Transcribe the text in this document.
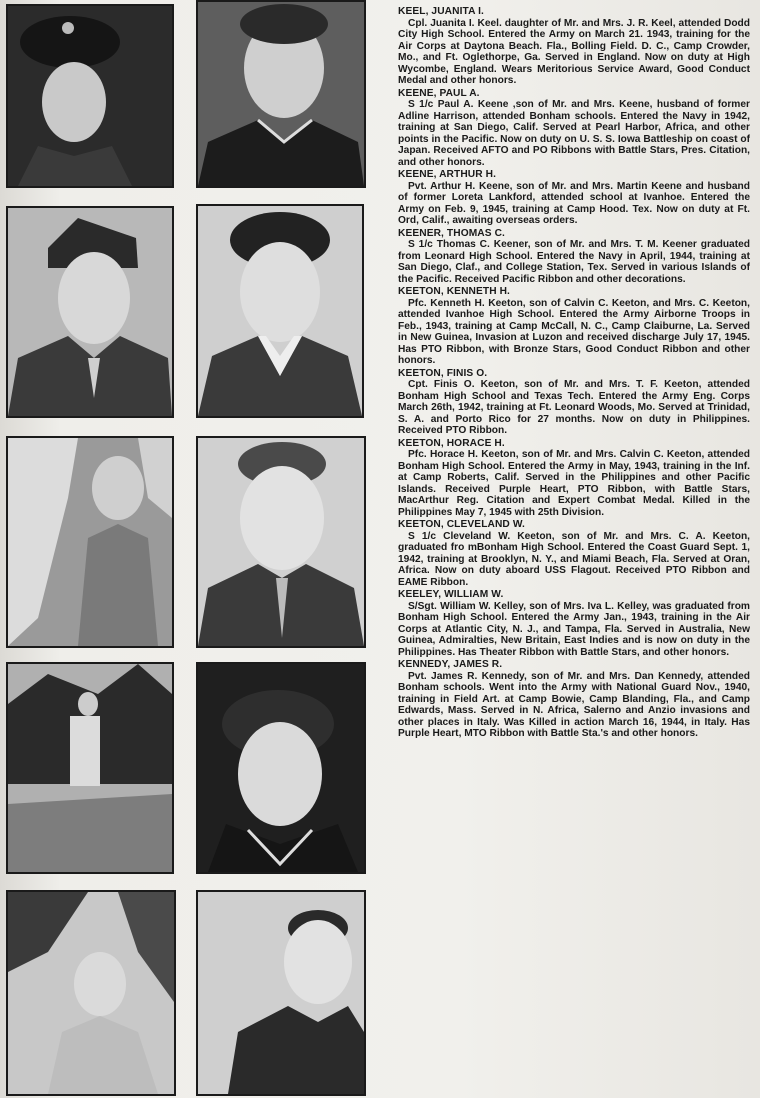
KEEL, JUANITA I.

Cpl. Juanita I. Keel. daughter of Mr. and Mrs. J. R. Keel, attended Dodd City High School. Entered the Army on March 21. 1943, training for the Air Corps at Daytona Beach. Fla., Bolling Field. D. C., Camp Crowder, Mo., and Ft. Oglethorpe, Ga. Served in England. Now on duty at High Wycombe, England. Wears Meritorious Service Award, Good Conduct Medal and other honors.

KEENE, PAUL A.

S 1/c Paul A. Keene ,son of Mr. and Mrs. Keene, husband of former Adline Harrison, attended Bonham schools. Entered the Navy in 1942, training at San Diego, Calif. Served at Pearl Harbor, Africa, and other points in the Pacific. Now on duty on U. S. S. Iowa Battleship on coast of Japan. Received AFTO and PO Ribbons with Battle Stars, Pres. Citation, and other honors.

KEENE, ARTHUR H.

Pvt. Arthur H. Keene, son of Mr. and Mrs. Martin Keene and husband of former Loreta Lankford, attended school at Ivanhoe. Entered the Army on Feb. 9, 1945, training at Camp Hood. Tex. Now on duty at Ft. Ord, Calif., awaiting overseas orders.

KEENER, THOMAS C.

S 1/c Thomas C. Keener, son of Mr. and Mrs. T. M. Keener graduated from Leonard High School. Entered the Navy in April, 1944, training at San Diego, Claf., and College Station, Tex. Served in various Islands of the Pacific. Received Pacific Ribbon and other decorations.

KEETON, KENNETH H.

Pfc. Kenneth H. Keeton, son of Calvin C. Keeton, and Mrs. C. Keeton, attended Ivanhoe High School. Entered the Army Airborne Troops in Feb., 1943, training at Camp McCall, N. C., Camp Claiburne, La. Served in New Guinea, Invasion at Luzon and received discharge July 17, 1945. Has PTO Ribbon, with Bronze Stars, Good Conduct Ribbon and other honors.

KEETON, FINIS O.

Cpt. Finis O. Keeton, son of Mr. and Mrs. T. F. Keeton, attended Bonham High School and Texas Tech. Entered the Army Eng. Corps March 26th, 1942, training at Ft. Leonard Woods, Mo. Served at Trinidad, S. A. and Porto Rico for 27 months. Now on duty in Philippines. Received PTO Ribbon.

KEETON, HORACE H.

Pfc. Horace H. Keeton, son of Mr. and Mrs. Calvin C. Keeton, attended Bonham High School. Entered the Army in May, 1943, training in the Inf. at Camp Roberts, Calif. Served in the Philippines and other Pacific Islands. Received Purple Heart, PTO Ribbon, with Battle Stars, MacArthur Reg. Citation and Expert Combat Medal. Killed in the Philippines May 7, 1945 with 25th Division.

KEETON, CLEVELAND W.

S 1/c Cleveland W. Keeton, son of Mr. and Mrs. C. A. Keeton, graduated fro mBonham High School. Entered the Coast Guard Sept. 1, 1942, training at Brooklyn, N. Y., and Miami Beach, Fla. Served at Oran, Africa. Now on duty aboard USS Flagout. Received PTO Ribbon and EAME Ribbon.

KEELEY, WILLIAM W.

S/Sgt. William W. Kelley, son of Mrs. Iva L. Kelley, was graduated from Bonham High School. Entered the Army Jan., 1943, training in the Air Corps at Atlantic City, N. J., and Tampa, Fla. Served in Australia, New Guinea, Admiralties, New Britain, East Indies and is now on duty in the Philippines. Has Theater Ribbon with Battle Stars, and other honors.

KENNEDY, JAMES R.

Pvt. James R. Kennedy, son of Mr. and Mrs. Dan Kennedy, attended Bonham schools. Went into the Army with National Guard Nov., 1940, training in Field Art. at Camp Bowie, Camp Blanding, Fla., and Camp Edwards, Mass. Served in N. Africa, Salerno and Anzio invasions and other places in Italy. Was Killed in action March 16, 1944, in Italy. Has Purple Heart, MTO Ribbon with Battle Sta.'s and other honors.
